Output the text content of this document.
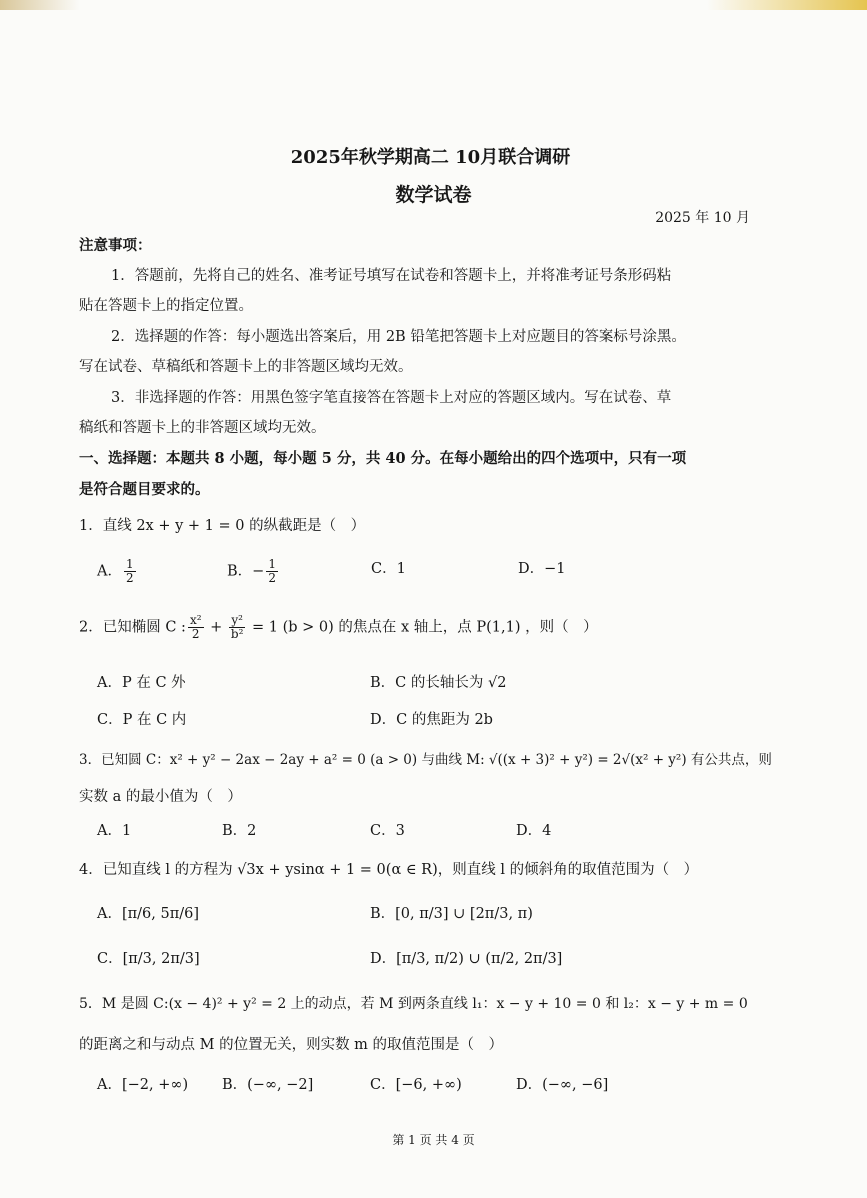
2025年秋学期高二 10月联合调研
数学试卷
2025 年 10 月
注意事项：
1．答题前，先将自己的姓名、准考证号填写在试卷和答题卡上，并将准考证号条形码粘
贴在答题卡上的指定位置。
2．选择题的作答：每小题选出答案后，用 2B 铅笔把答题卡上对应题目的答案标号涂黑。
写在试卷、草稿纸和答题卡上的非答题区域均无效。
3．非选择题的作答：用黑色签字笔直接答在答题卡上对应的答题区域内。写在试卷、草
稿纸和答题卡上的非答题区域均无效。
一、选择题：本题共 8 小题，每小题 5 分，共 40 分。在每小题给出的四个选项中，只有一项
是符合题目要求的。
1．直线 2x + y + 1 = 0 的纵截距是（　）
A． $\frac{1}{2}$	B．− $\frac{1}{2}$	C．1	D．−1
2．已知椭圆 C : $\frac{\text{x²}}{2} + \frac{\text{y²}}{\text{b²}} = 1$ (b > 0) 的焦点在 x 轴上，点 P(1,1) ，则（　）
A．P 在 C 外	B．C 的长轴长为 √2
C．P 在 C 内	D．C 的焦距为 2b
3．已知圆 C：x² + y² − 2ax − 2ay + a² = 0 (a > 0) 与曲线 M: √((x + 3)² + y²) = 2√(x² + y²) 有公共点，则
实数 a 的最小值为（　）
A．1	B．2	C．3	D．4
4．已知直线 l 的方程为 √3x + ysinα + 1 = 0(α ∈ R)，则直线 l 的倾斜角的取值范围为（　）
A．[π/6, 5π/6]	B．[0, π/3] ∪ [2π/3, π)
C．[π/3, 2π/3]	D．[π/3, π/2) ∪ (π/2, 2π/3]
5．M 是圆 C:(x − 4)² + y² = 2 上的动点，若 M 到两条直线 l₁：x − y + 10 = 0 和 l₂：x − y + m = 0
的距离之和与动点 M 的位置无关，则实数 m 的取值范围是（　）
A．[−2, +∞) B．(−∞, −2]	C．[−6, +∞)	D．(−∞, −6]
第 1 页 共 4 页
